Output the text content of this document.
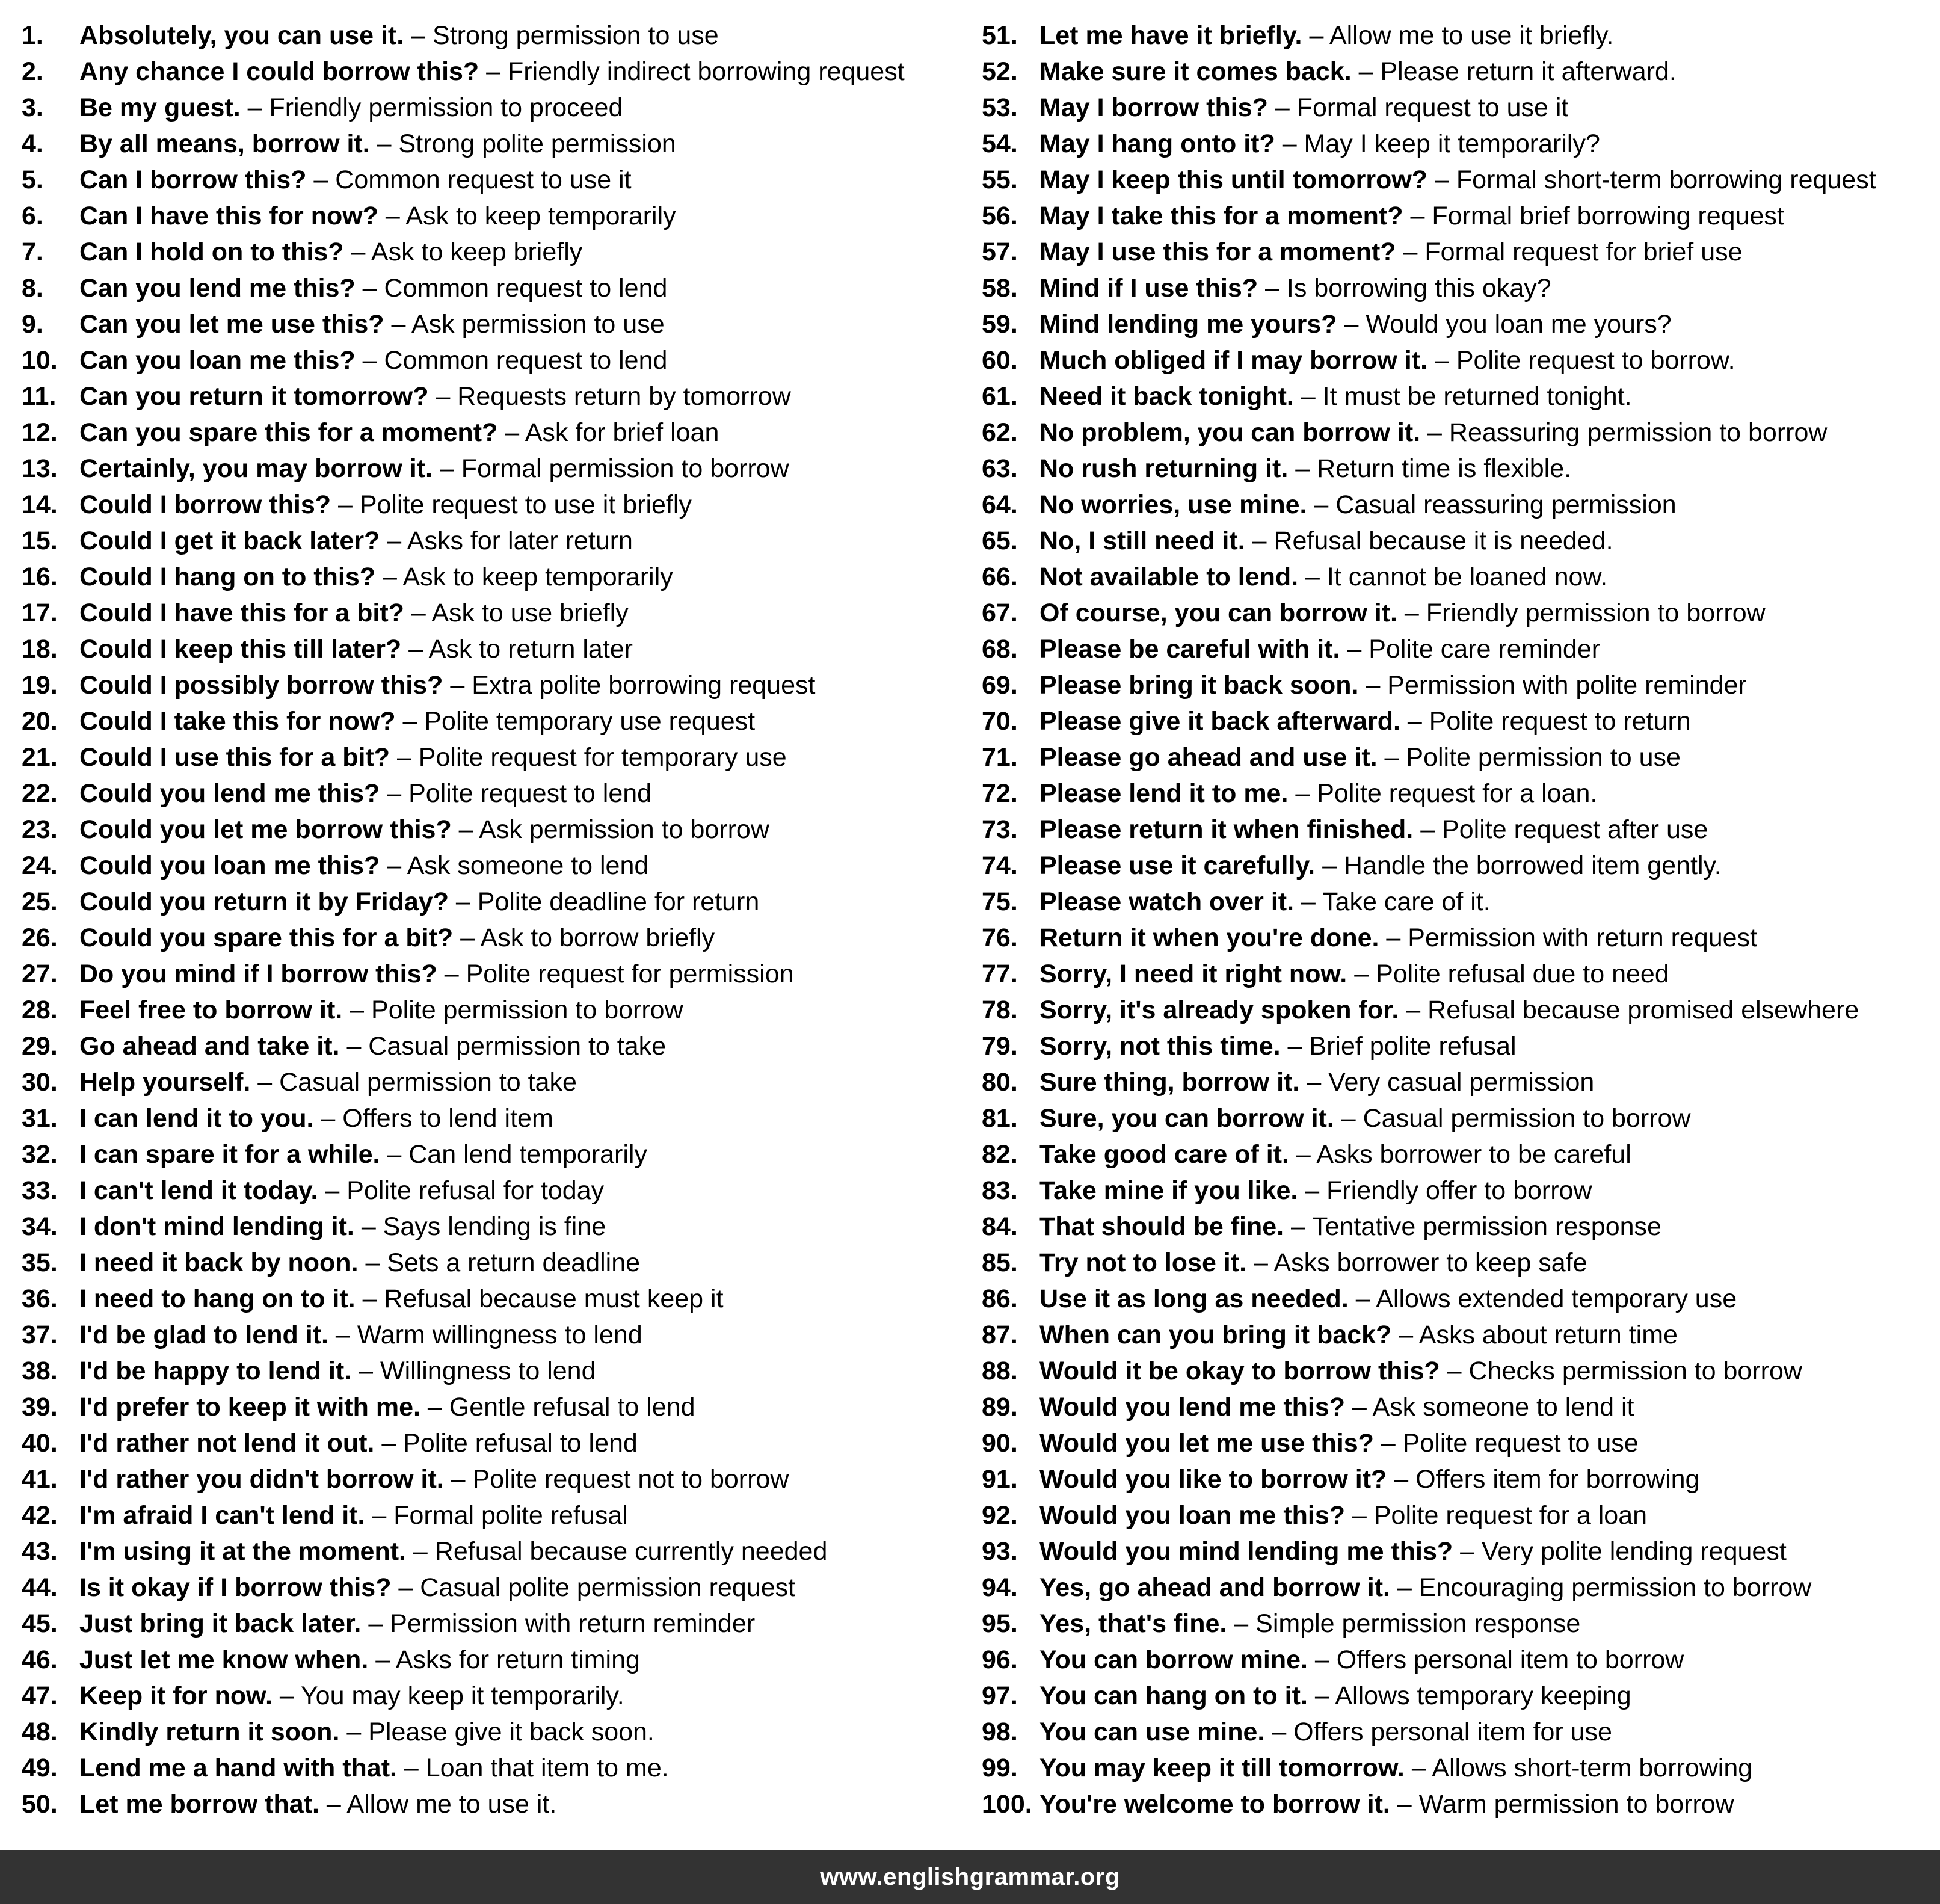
1. Absolutely, you can use it. – Strong permission to use
2. Any chance I could borrow this? – Friendly indirect borrowing request
3. Be my guest. – Friendly permission to proceed
4. By all means, borrow it. – Strong polite permission
5. Can I borrow this? – Common request to use it
6. Can I have this for now? – Ask to keep temporarily
7. Can I hold on to this? – Ask to keep briefly
8. Can you lend me this? – Common request to lend
9. Can you let me use this? – Ask permission to use
10. Can you loan me this? – Common request to lend
11. Can you return it tomorrow? – Requests return by tomorrow
12. Can you spare this for a moment? – Ask for brief loan
13. Certainly, you may borrow it. – Formal permission to borrow
14. Could I borrow this? – Polite request to use it briefly
15. Could I get it back later? – Asks for later return
16. Could I hang on to this? – Ask to keep temporarily
17. Could I have this for a bit? – Ask to use briefly
18. Could I keep this till later? – Ask to return later
19. Could I possibly borrow this? – Extra polite borrowing request
20. Could I take this for now? – Polite temporary use request
21. Could I use this for a bit? – Polite request for temporary use
22. Could you lend me this? – Polite request to lend
23. Could you let me borrow this? – Ask permission to borrow
24. Could you loan me this? – Ask someone to lend
25. Could you return it by Friday? – Polite deadline for return
26. Could you spare this for a bit? – Ask to borrow briefly
27. Do you mind if I borrow this? – Polite request for permission
28. Feel free to borrow it. – Polite permission to borrow
29. Go ahead and take it. – Casual permission to take
30. Help yourself. – Casual permission to take
31. I can lend it to you. – Offers to lend item
32. I can spare it for a while. – Can lend temporarily
33. I can't lend it today. – Polite refusal for today
34. I don't mind lending it. – Says lending is fine
35. I need it back by noon. – Sets a return deadline
36. I need to hang on to it. – Refusal because must keep it
37. I'd be glad to lend it. – Warm willingness to lend
38. I'd be happy to lend it. – Willingness to lend
39. I'd prefer to keep it with me. – Gentle refusal to lend
40. I'd rather not lend it out. – Polite refusal to lend
41. I'd rather you didn't borrow it. – Polite request not to borrow
42. I'm afraid I can't lend it. – Formal polite refusal
43. I'm using it at the moment. – Refusal because currently needed
44. Is it okay if I borrow this? – Casual polite permission request
45. Just bring it back later. – Permission with return reminder
46. Just let me know when. – Asks for return timing
47. Keep it for now. – You may keep it temporarily.
48. Kindly return it soon. – Please give it back soon.
49. Lend me a hand with that. – Loan that item to me.
50. Let me borrow that. – Allow me to use it.
51. Let me have it briefly. – Allow me to use it briefly.
52. Make sure it comes back. – Please return it afterward.
53. May I borrow this? – Formal request to use it
54. May I hang onto it? – May I keep it temporarily?
55. May I keep this until tomorrow? – Formal short-term borrowing request
56. May I take this for a moment? – Formal brief borrowing request
57. May I use this for a moment? – Formal request for brief use
58. Mind if I use this? – Is borrowing this okay?
59. Mind lending me yours? – Would you loan me yours?
60. Much obliged if I may borrow it. – Polite request to borrow.
61. Need it back tonight. – It must be returned tonight.
62. No problem, you can borrow it. – Reassuring permission to borrow
63. No rush returning it. – Return time is flexible.
64. No worries, use mine. – Casual reassuring permission
65. No, I still need it. – Refusal because it is needed.
66. Not available to lend. – It cannot be loaned now.
67. Of course, you can borrow it. – Friendly permission to borrow
68. Please be careful with it. – Polite care reminder
69. Please bring it back soon. – Permission with polite reminder
70. Please give it back afterward. – Polite request to return
71. Please go ahead and use it. – Polite permission to use
72. Please lend it to me. – Polite request for a loan.
73. Please return it when finished. – Polite request after use
74. Please use it carefully. – Handle the borrowed item gently.
75. Please watch over it. – Take care of it.
76. Return it when you're done. – Permission with return request
77. Sorry, I need it right now. – Polite refusal due to need
78. Sorry, it's already spoken for. – Refusal because promised elsewhere
79. Sorry, not this time. – Brief polite refusal
80. Sure thing, borrow it. – Very casual permission
81. Sure, you can borrow it. – Casual permission to borrow
82. Take good care of it. – Asks borrower to be careful
83. Take mine if you like. – Friendly offer to borrow
84. That should be fine. – Tentative permission response
85. Try not to lose it. – Asks borrower to keep safe
86. Use it as long as needed. – Allows extended temporary use
87. When can you bring it back? – Asks about return time
88. Would it be okay to borrow this? – Checks permission to borrow
89. Would you lend me this? – Ask someone to lend it
90. Would you let me use this? – Polite request to use
91. Would you like to borrow it? – Offers item for borrowing
92. Would you loan me this? – Polite request for a loan
93. Would you mind lending me this? – Very polite lending request
94. Yes, go ahead and borrow it. – Encouraging permission to borrow
95. Yes, that's fine. – Simple permission response
96. You can borrow mine. – Offers personal item to borrow
97. You can hang on to it. – Allows temporary keeping
98. You can use mine. – Offers personal item for use
99. You may keep it till tomorrow. – Allows short-term borrowing
100. You're welcome to borrow it. – Warm permission to borrow
www.englishgrammar.org
